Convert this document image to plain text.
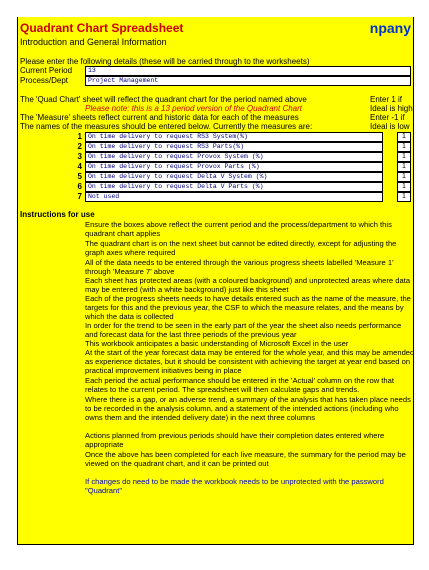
Quadrant Chart Spreadsheet	npany
Introduction and General Information
Please enter the following details (these will be carried through to the worksheets)
Current Period	13
Process/Dept	Project Management
The 'Quad Chart' sheet will reflect the quadrant chart for the period named above
Please note: this is a 13 period version of the Quadrant Chart
The 'Measure' sheets reflect current and historic data for each of the measures
The names of the measures should be entered below. Currently the measures are:
Enter 1 if
Ideal is high
Enter -1 if
Ideal is low
1 On time delivery to request RS3 System(%)	1
2 On time delivery to request RS3 Parts(%)	1
3 On time delivery to request Provox System (%)	1
4 On time delivery to request Provox Parts (%)	1
5 On time delivery to request Delta V System (%)	1
6 On time delivery to request Delta V Parts (%)	1
7 Not used	1
Instructions for use
Ensure the boxes above reflect the current period and the process/department to which this quadrant chart applies
The quadrant chart is on the next sheet but cannot be edited directly, except for adjusting the graph axes where required
All of the data needs to be entered through the various progress sheets labelled 'Measure 1' through 'Measure 7' above
Each sheet has protected areas (with a coloured background) and unprotected areas where data may be entered (with a white background) just like this sheet
Each of the progress sheets needs to have details entered such as the name of the measure, the targets for this and the previous year, the CSF to which the measure relates, and the means by which the data is collected
In order for the trend to be seen in the early part of the year the sheet also needs performance and forecast data for the last three periods of the previous year
This workbook anticipates a basic understanding of Microsoft Excel in the user
At the start of the year forecast data may be entered for the whole year, and this may be amended as experience dictates, but it should be consistent with achieving the target at year end based on practical improvement initiatives being in place
Each period the actual performance should be entered in the 'Actual' column on the row that relates to the current period. The spreadsheet will then calculate gaps and trends.
Where there is a gap, or an adverse trend, a summary of the analysis that has taken place needs to be recorded in the analysis column, and a statement of the intended actions (including who owns them and the intended delivery date) in the next three columns
Actions planned from previous periods should have their completion dates entered where appropriate
Once the above has been completed for each live measure, the summary for the period may be viewed on the quadrant chart, and it can be printed out
If changes do need to be made the workbook needs to be unprotected with the password "Quadrant"
